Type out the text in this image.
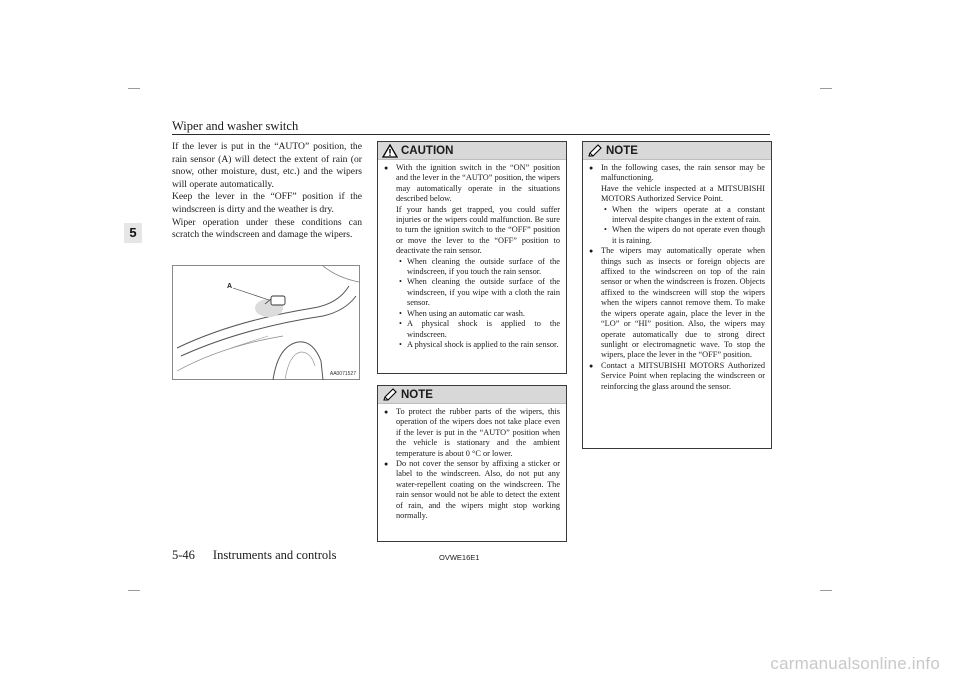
Wiper and washer switch
5

If the lever is put in the “AUTO” position, the rain sensor (A) will detect the extent of rain (or snow, other moisture, dust, etc.) and the wipers will operate automatically.

Keep the lever in the “OFF” position if the windscreen is dirty and the weather is dry.

Wiper operation under these conditions can scratch the windscreen and damage the wipers.

A
AA0071527
CAUTION
● With the ignition switch in the “ON” position and the lever in the “AUTO” position, the wipers may automatically operate in the situations described below.

If your hands get trapped, you could suffer injuries or the wipers could malfunction. Be sure to turn the ignition switch to the “OFF” position or move the lever to the “OFF” position to deactivate the rain sensor.

• When cleaning the outside surface of the windscreen, if you touch the rain sensor.
• When cleaning the outside surface of the windscreen, if you wipe with a cloth the rain sensor.
• When using an automatic car wash.
• A physical shock is applied to the windscreen.
• A physical shock is applied to the rain sensor.
NOTE
● To protect the rubber parts of the wipers, this operation of the wipers does not take place even if the lever is put in the “AUTO” position when the vehicle is stationary and the ambient temperature is about 0 °C or lower.
● Do not cover the sensor by affixing a sticker or label to the windscreen. Also, do not put any water-repellent coating on the windscreen. The rain sensor would not be able to detect the extent of rain, and the wipers might stop working normally.
NOTE
● In the following cases, the rain sensor may be malfunctioning.

Have the vehicle inspected at a MITSUBISHI MOTORS Authorized Service Point.

• When the wipers operate at a constant interval despite changes in the extent of rain.
• When the wipers do not operate even though it is raining.
● The wipers may automatically operate when things such as insects or foreign objects are affixed to the windscreen on top of the rain sensor or when the windscreen is frozen. Objects affixed to the windscreen will stop the wipers when the wipers cannot remove them. To make the wipers operate again, place the lever in the “LO” or “HI” position. Also, the wipers may operate automatically due to strong direct sunlight or electromagnetic wave. To stop the wipers, place the lever in the “OFF” position.
● Contact a MITSUBISHI MOTORS Authorized Service Point when replacing the windscreen or reinforcing the glass around the sensor.
5-46 Instruments and controls	OVWE16E1
carmanualsonline.info
